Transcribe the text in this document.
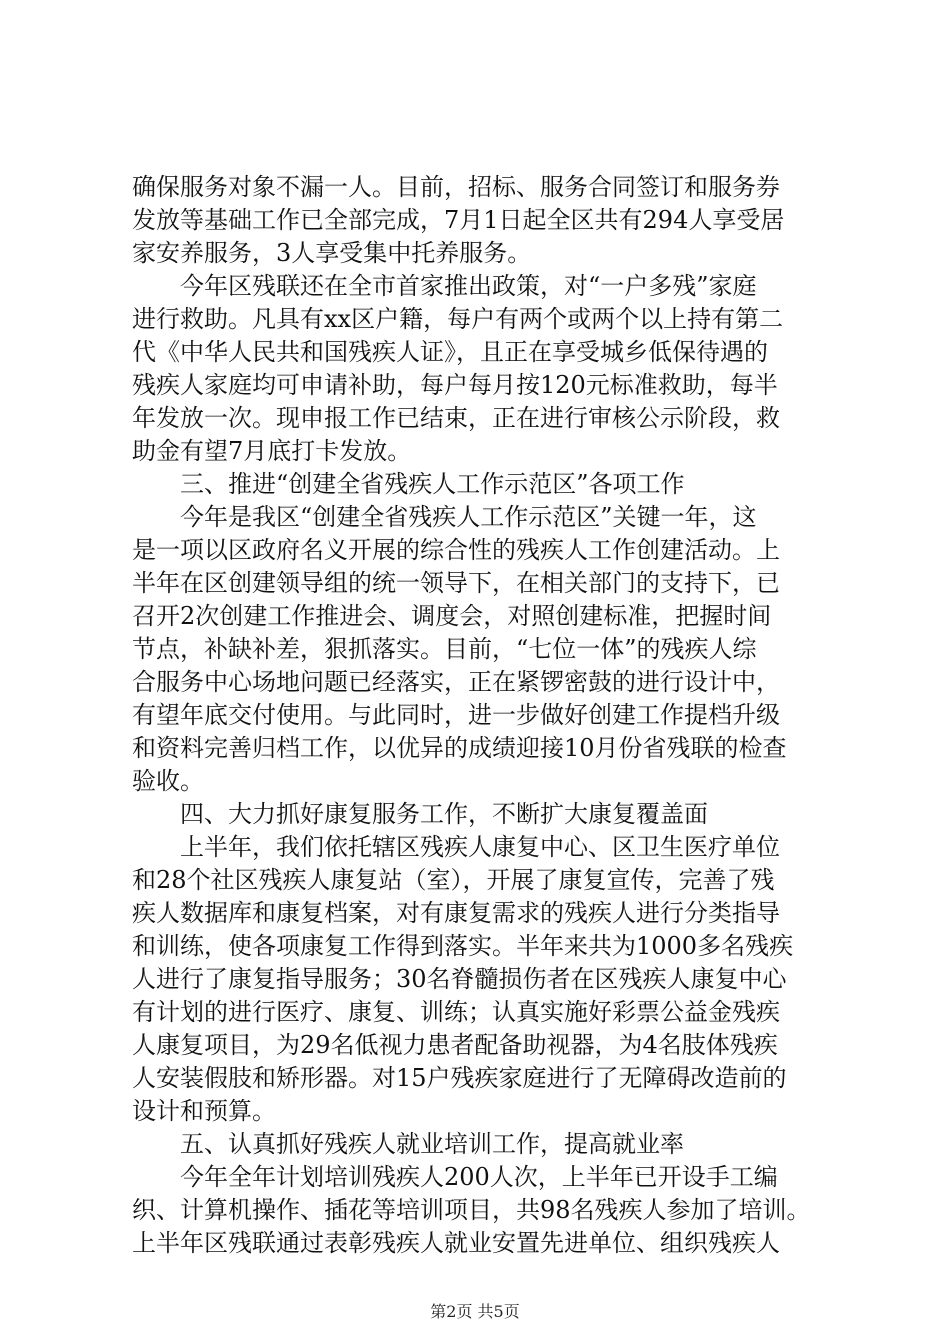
确保服务对象不漏一人。目前，招标、服务合同签订和服务券
发放等基础工作已全部完成，7月1日起全区共有294人享受居
家安养服务，3人享受集中托养服务。
今年区残联还在全市首家推出政策，对“一户多残”家庭
进行救助。凡具有xx区户籍，每户有两个或两个以上持有第二
代《中华人民共和国残疾人证》，且正在享受城乡低保待遇的
残疾人家庭均可申请补助，每户每月按120元标准救助，每半
年发放一次。现申报工作已结束，正在进行审核公示阶段，救
助金有望7月底打卡发放。
三、推进“创建全省残疾人工作示范区”各项工作
今年是我区“创建全省残疾人工作示范区”关键一年，这
是一项以区政府名义开展的综合性的残疾人工作创建活动。上
半年在区创建领导组的统一领导下，在相关部门的支持下，已
召开2次创建工作推进会、调度会，对照创建标准，把握时间
节点，补缺补差，狠抓落实。目前，“七位一体”的残疾人综
合服务中心场地问题已经落实，正在紧锣密鼓的进行设计中，
有望年底交付使用。与此同时，进一步做好创建工作提档升级
和资料完善归档工作，以优异的成绩迎接10月份省残联的检查
验收。
四、大力抓好康复服务工作，不断扩大康复覆盖面
上半年，我们依托辖区残疾人康复中心、区卫生医疗单位
和28个社区残疾人康复站（室），开展了康复宣传，完善了残
疾人数据库和康复档案，对有康复需求的残疾人进行分类指导
和训练，使各项康复工作得到落实。半年来共为1000多名残疾
人进行了康复指导服务；30名脊髓损伤者在区残疾人康复中心
有计划的进行医疗、康复、训练；认真实施好彩票公益金残疾
人康复项目，为29名低视力患者配备助视器，为4名肢体残疾
人安装假肢和矫形器。对15户残疾家庭进行了无障碍改造前的
设计和预算。
五、认真抓好残疾人就业培训工作，提高就业率
今年全年计划培训残疾人200人次，上半年已开设手工编
织、计算机操作、插花等培训项目，共98名残疾人参加了培训。
上半年区残联通过表彰残疾人就业安置先进单位、组织残疾人
第2页 共5页
